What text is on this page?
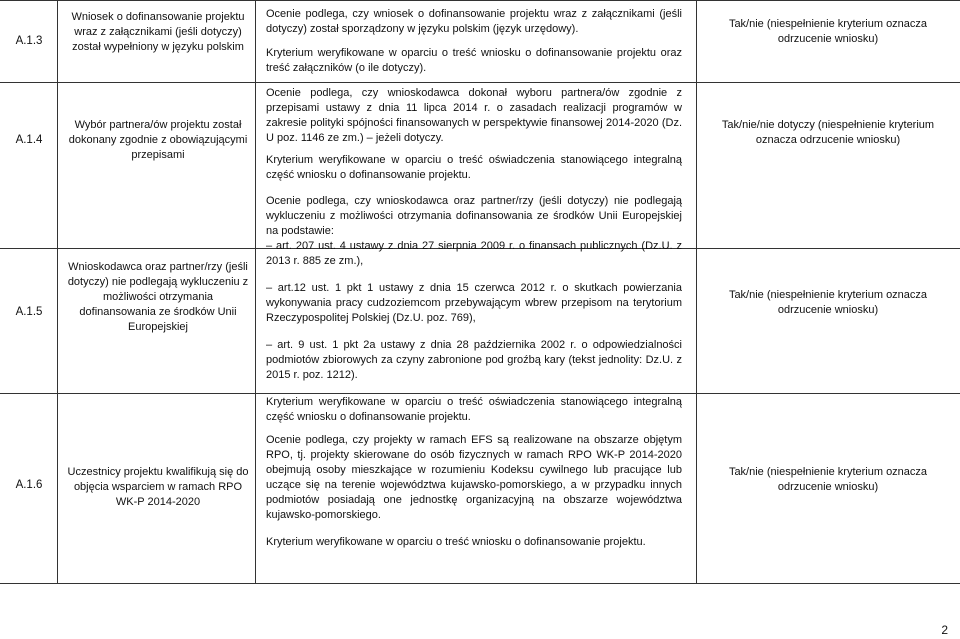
A.1.3
Wniosek o dofinansowanie projektu wraz z załącznikami (jeśli dotyczy) został wypełniony w języku polskim

Ocenie podlega, czy wniosek o dofinansowanie projektu wraz z załącznikami (jeśli dotyczy) został sporządzony w języku polskim (język urzędowy).

Kryterium weryfikowane w oparciu o treść wniosku o dofinansowanie projektu oraz treść załączników (o ile dotyczy).

Tak/nie (niespełnienie kryterium oznacza odrzucenie wniosku)
A.1.4
Wybór partnera/ów projektu został dokonany zgodnie z obowiązującymi przepisami

Ocenie podlega, czy wnioskodawca dokonał wyboru partnera/ów zgodnie z przepisami ustawy z dnia 11 lipca 2014 r. o zasadach realizacji programów w zakresie polityki spójności finansowanych w perspektywie finansowej 2014-2020 (Dz. U poz. 1146 ze zm.) – jeżeli dotyczy.

Kryterium weryfikowane w oparciu o treść oświadczenia stanowiącego integralną część wniosku o dofinansowanie projektu.

Tak/nie/nie dotyczy (niespełnienie kryterium oznacza odrzucenie wniosku)
A.1.5
Wnioskodawca oraz partner/rzy (jeśli dotyczy) nie podlegają wykluczeniu z możliwości otrzymania dofinansowania ze środków Unii Europejskiej

Ocenie podlega, czy wnioskodawca oraz partner/rzy (jeśli dotyczy) nie podlegają wykluczeniu z możliwości otrzymania dofinansowania ze środków Unii Europejskiej na podstawie:

– art. 207 ust. 4 ustawy z dnia 27 sierpnia 2009 r. o finansach publicznych (Dz.U. z 2013 r. 885 ze zm.),

– art.12 ust. 1 pkt 1 ustawy z dnia 15 czerwca 2012 r. o skutkach powierzania wykonywania pracy cudzoziemcom przebywającym wbrew przepisom na terytorium Rzeczypospolitej Polskiej (Dz.U. poz. 769),

– art. 9 ust. 1 pkt 2a ustawy z dnia 28 października 2002 r. o odpowiedzialności podmiotów zbiorowych za czyny zabronione pod groźbą kary (tekst jednolity: Dz.U. z 2015 r. poz. 1212).

Kryterium weryfikowane w oparciu o treść oświadczenia stanowiącego integralną część wniosku o dofinansowanie projektu.

Tak/nie (niespełnienie kryterium oznacza odrzucenie wniosku)
A.1.6
Uczestnicy projektu kwalifikują się do objęcia wsparciem w ramach RPO WK-P 2014-2020

Ocenie podlega, czy projekty w ramach EFS są realizowane na obszarze objętym RPO, tj. projekty skierowane do osób fizycznych w ramach RPO WK-P 2014-2020 obejmują osoby mieszkające w rozumieniu Kodeksu cywilnego lub pracujące lub uczące się na terenie województwa kujawsko-pomorskiego, a w przypadku innych podmiotów posiadają one jednostkę organizacyjną na obszarze województwa kujawsko-pomorskiego.

Kryterium weryfikowane w oparciu o treść wniosku o dofinansowanie projektu.

Tak/nie (niespełnienie kryterium oznacza odrzucenie wniosku)
2
